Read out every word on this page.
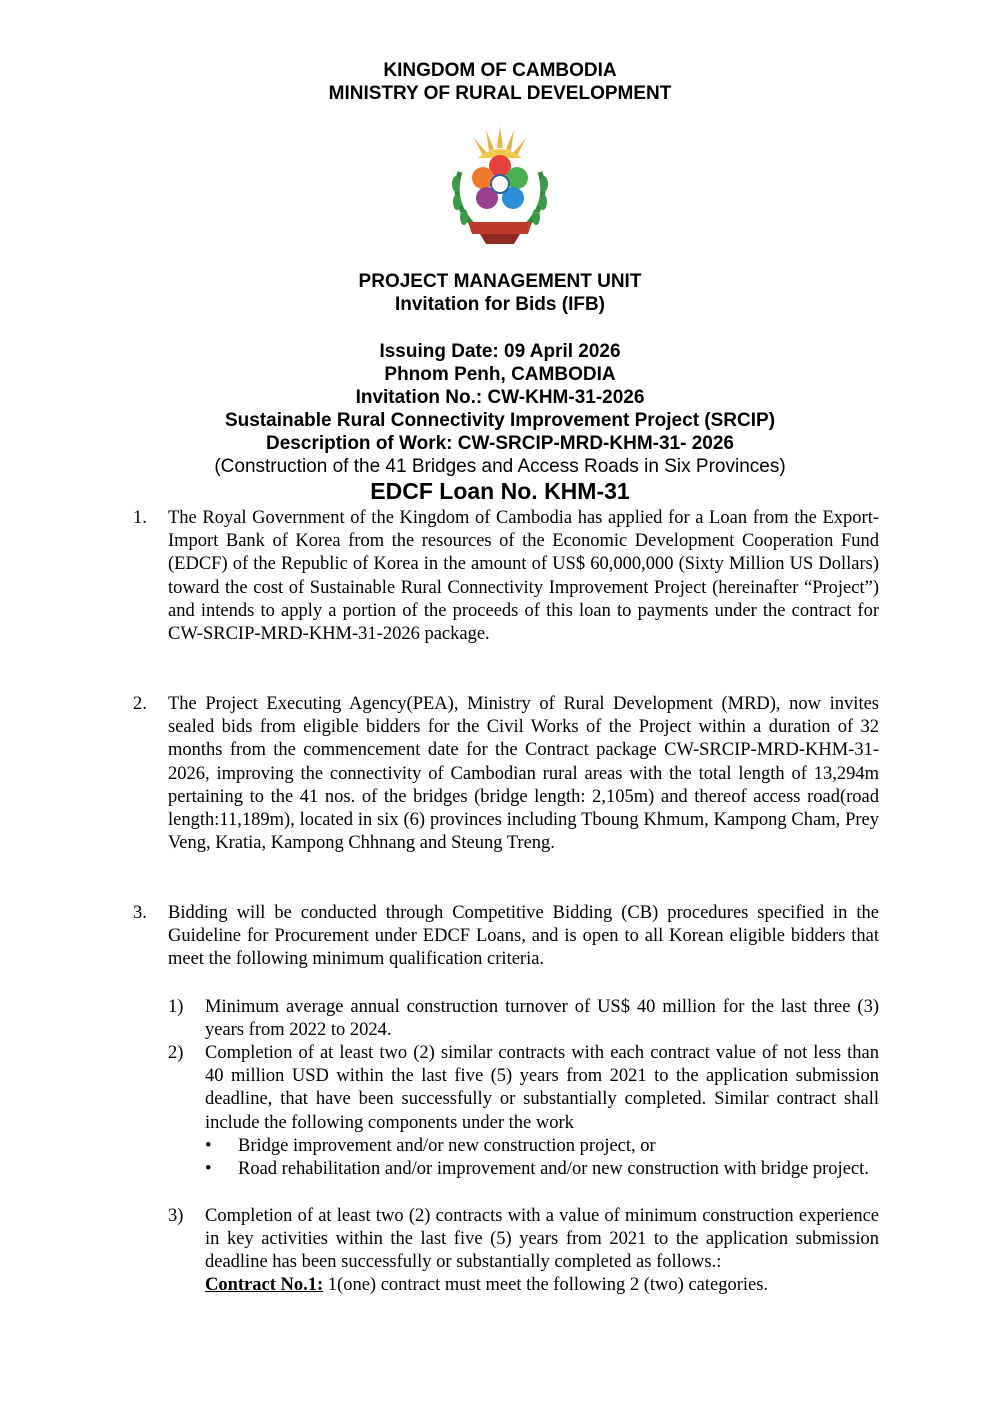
KINGDOM OF CAMBODIA
MINISTRY OF RURAL DEVELOPMENT
PROJECT MANAGEMENT UNIT
Invitation for Bids (IFB)
Issuing Date: 09 April 2026
Phnom Penh, CAMBODIA
Invitation No.: CW-KHM-31-2026
Sustainable Rural Connectivity Improvement Project (SRCIP)
Description of Work: CW-SRCIP-MRD-KHM-31- 2026
(Construction of the 41 Bridges and Access Roads in Six Provinces)
EDCF Loan No. KHM-31
1. The Royal Government of the Kingdom of Cambodia has applied for a Loan from the Export-Import Bank of Korea from the resources of the Economic Development Cooperation Fund (EDCF) of the Republic of Korea in the amount of US$ 60,000,000 (Sixty Million US Dollars) toward the cost of Sustainable Rural Connectivity Improvement Project (hereinafter “Project”) and intends to apply a portion of the proceeds of this loan to payments under the contract for CW-SRCIP-MRD-KHM-31-2026 package.
2. The Project Executing Agency(PEA), Ministry of Rural Development (MRD), now invites sealed bids from eligible bidders for the Civil Works of the Project within a duration of 32 months from the commencement date for the Contract package CW-SRCIP-MRD-KHM-31-2026, improving the connectivity of Cambodian rural areas with the total length of 13,294m pertaining to the 41 nos. of the bridges (bridge length: 2,105m) and thereof access road(road length:11,189m), located in six (6) provinces including Tboung Khmum, Kampong Cham, Prey Veng, Kratia, Kampong Chhnang and Steung Treng.
3. Bidding will be conducted through Competitive Bidding (CB) procedures specified in the Guideline for Procurement under EDCF Loans, and is open to all Korean eligible bidders that meet the following minimum qualification criteria.
1) Minimum average annual construction turnover of US$ 40 million for the last three (3) years from 2022 to 2024.
2) Completion of at least two (2) similar contracts with each contract value of not less than 40 million USD within the last five (5) years from 2021 to the application submission deadline, that have been successfully or substantially completed. Similar contract shall include the following components under the work
• Bridge improvement and/or new construction project, or
• Road rehabilitation and/or improvement and/or new construction with bridge project.
3) Completion of at least two (2) contracts with a value of minimum construction experience in key activities within the last five (5) years from 2021 to the application submission deadline has been successfully or substantially completed as follows.:
Contract No.1: 1(one) contract must meet the following 2 (two) categories.
